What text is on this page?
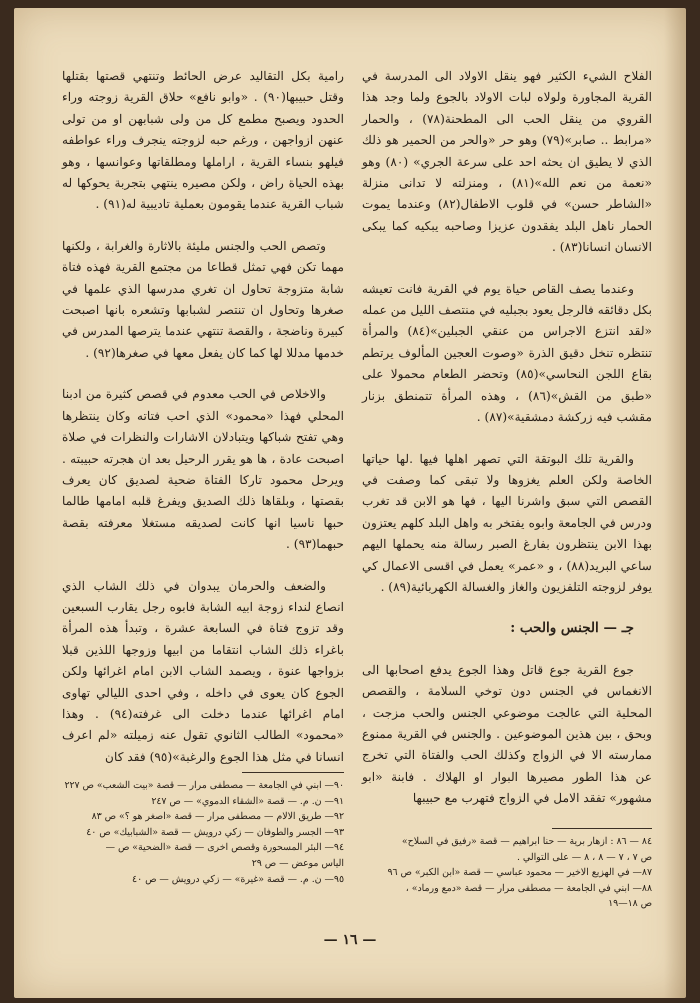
الفلاح الشيء الكثير فهو ينقل الاولاد الى المدرسة في القرية المجاورة ولولاه لبات الاولاد بالجوع ولما وجد هذا القروي من ينقل الحب الى المطحنة(٧٨) ، والحمار «مرابط .. صابر»(٧٩) وهو حر «والحر من الحمير هو ذلك الذي لا يطيق ان يحثه احد على سرعة الجري» (٨٠) وهو «نعمة من نعم الله»(٨١) ، ومنزلته لا تدانى منزلة «الشاطر حسن» في قلوب الاطفال(٨٢) وعندما يموت الحمار ناهل البلد يفقدون عزيزا وصاحبه يبكيه كما يبكى الانسان انسانا(٨٣) .

وعندما يصف القاص حياة يوم في القرية فانت تعيشه بكل دقائقه فالرجل يعود بجبليه في منتصف الليل من عمله «لقد انتزع الاجراس من عنقي الجبلين»(٨٤) والمرأة تنتظره تنخل دقيق الذرة «وصوت العجين المألوف يرتطم بقاع اللجن النحاسي»(٨٥) وتحضر الطعام محمولا على «طبق من القش»(٨٦) ، وهذه المرأة تتمنطق بزنار مقشب فيه زركشة دمشقية»(٨٧) .

والقرية تلك البوتقة التي تصهر اهلها فيها .لها حياتها الخاصة ولكن العلم يغزوها ولا تبقى كما وصفت في القصص التي سبق واشرنا اليها ، فها هو الابن قد تغرب ودرس في الجامعة وابوه يفتخر به واهل البلد كلهم يعتزون بهذا الابن ينتظرون بفارغ الصبر رسالة منه يحملها اليهم ساعي البريد(٨٨) ، و «عمر» يعمل في اقسى الاعمال كي يوفر لزوجته التلفزيون والغاز والغسالة الكهربائية(٨٩) .

جـ — الجنس والحب :

جوع القرية جوع قاتل وهذا الجوع يدفع اصحابها الى الانغماس في الجنس دون توخي السلامة ، والقصص المحلية التي عالجت موضوعي الجنس والحب مزجت ، وبحق ، بين هذين الموضوعين . والجنس في القرية ممنوع ممارسته الا في الزواج وكذلك الحب والفتاة التي تخرج عن هذا الطور مصيرها البوار او الهلاك . فابنة «ابو مشهور» تفقد الامل في الزواج فتهرب مع حبيبها

رامية بكل التقاليد عرض الحائط وتنتهي قصتها بقتلها وقتل حبيبها(٩٠) . «وابو نافع» حلاق القرية زوجته وراء الحدود ويصبح مطمع كل من ولى شبابهن او من تولى عنهن ازواجهن ، ورغم حبه لزوجته ينجرف وراء عواطفه فيلهو بنساء القرية ، اراملها ومطلقاتها وعوانسها ، وهو بهذه الحياة راض ، ولكن مصيره ينتهي بتجربة يحوكها له شباب القرية عندما يقومون بعملية تاديبية له(٩١) .

وتصص الحب والجنس مليئة بالاثارة والغرابة ، ولكنها مهما تكن فهي تمثل قطاعا من مجتمع القرية فهذه فتاة شابة متزوجة تحاول ان تغري مدرسها الذي علمها في صغرها وتحاول ان تنتصر لشبابها وتشعره بانها اصبحت كبيرة وناضجة ، والقصة تنتهي عندما يترصها المدرس في خدمها مدللا لها كما كان يفعل معها في صغرها(٩٢) .

والاخلاص في الحب معدوم في قصص كثيرة من ادبنا المحلي فهذا «محمود» الذي احب فتاته وكان ينتظرها وهي تفتح شباكها ويتبادلان الاشارات والنظرات في صلاة اصبحت عادة ، ها هو يقرر الرحيل بعد ان هجرته حبيبته . ويرحل محمود تاركا الفتاة ضحية لصديق كان يعرف بقصتها ، وبلقاها ذلك الصديق ويفرغ قلبه امامها طالما حبها ناسيا انها كانت لصديقه مستغلا معرفته بقصة حبهما(٩٣) .

والضعف والحرمان يبدوان في ذلك الشاب الذي انصاع لنداء زوجة ابيه الشابة فابوه رجل يقارب السبعين وقد تزوج فتاة في السابعة عشرة ، وتبدأ هذه المرأة باغراء ذلك الشاب انتقاما من ابيها وزوجها اللذين قبلا بزواجها عنوة ، ويصمد الشاب الابن امام اغرائها ولكن الجوع كان يعوى في داخله ، وفي احدى الليالي تهاوى امام اغرائها عندما دخلت الى غرفته(٩٤) . وهذا «محمود» الطالب الثانوي تقول عنه زميلته «لم اعرف انسانا في مثل هذا الجوع والرغبة»(٩٥) فقد كان

٩٠— ابني في الجامعة — مصطفى مرار — قصة «بيت الشعب» ص ٢٢٧
٩١— ن. م. — قصة «الشقاء الدموي» — ص ٢٤٧
٩٢— طريق الالام — مصطفى مرار — قصة «اصغر هو ؟» ص ٨٣
٩٣— الجسر والطوفان — زكي درويش — قصة «الشبابيك» ص ٤٠
٩٤— البئر المسحورة وقصص اخرى — قصة «الضحية» ص —
الياس موعض — ص ٢٩
٩٥— ن. م. — قصة «غيرة» — زكي درويش — ص ٤٠
٨٤ — ٨٦ : ازهار برية — حنا ابراهيم — قصة «رفيق في السلاح»
ص ٧ ، ٧ — ٨ ، ٨ — على التوالي .
٨٧— في الهزيع الاخير — محمود عباسي — قصة «ابن الكبر» ص ٩٦
٨٨— ابني في الجامعة — مصطفى مرار — قصة «دمع ورماد» ،
ص ١٨—١٩
— ١٦ —
